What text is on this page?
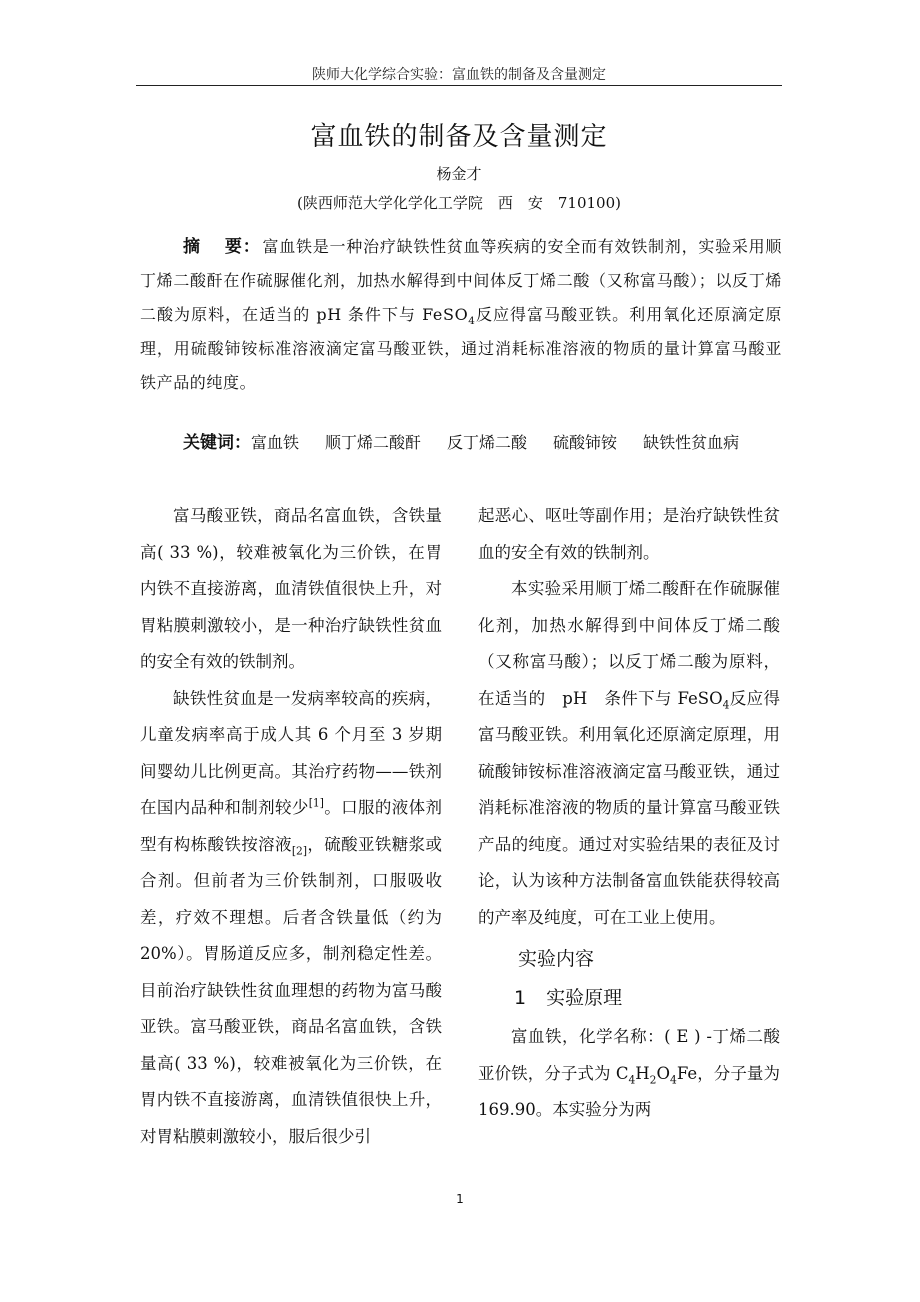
陕师大化学综合实验：富血铁的制备及含量测定
富血铁的制备及含量测定
杨金才
(陕西师范大学化学化工学院　西　安　710100)
摘 要： 富血铁是一种治疗缺铁性贫血等疾病的安全而有效铁制剂，实验采用顺丁烯二酸酐在作硫脲催化剂，加热水解得到中间体反丁烯二酸（又称富马酸）；以反丁烯二酸为原料，在适当的 pH 条件下与 FeSO$_4$反应得富马酸亚铁。利用氧化还原滴定原理，用硫酸铈铵标准溶液滴定富马酸亚铁，通过消耗标准溶液的物质的量计算富马酸亚铁产品的纯度。
关键词：富血铁 顺丁烯二酸酐 反丁烯二酸 硫酸铈铵 缺铁性贫血病

富马酸亚铁，商品名富血铁，含铁量高( 33 %)，较难被氧化为三价铁，在胃内铁不直接游离，血清铁值很快上升，对胃粘膜刺激较小，是一种治疗缺铁性贫血的安全有效的铁制剂。

缺铁性贫血是一发病率较高的疾病，儿童发病率高于成人其 6 个月至 3 岁期　间婴幼儿比例更高。其治疗药物——铁剂在国内品种和制剂较少[1]。口服的液体剂型有构栋酸铁按溶液$_{[2]}$，硫酸亚铁糖浆或合剂。但前者为三价铁制剂，口服吸收差，疗效不理想。后者含铁量低（约为 20%）。胃肠道反应多，制剂稳定性差。目前治疗缺铁性贫血理想的药物为富马酸亚铁。富马酸亚铁，商品名富血铁，含铁量高( 33 %)，较难被氧化为三价铁，在胃内铁不直接游离，血清铁值很快上升，对胃粘膜刺激较小，服后很少引

起恶心、呕吐等副作用；是治疗缺铁性贫血的安全有效的铁制剂。

本实验采用顺丁烯二酸酐在作硫脲催化剂，加热水解得到中间体反丁烯二酸（又称富马酸）；以反丁烯二酸为原料，在适当的　pH　条件下与 FeSO$_4$反应得富马酸亚铁。利用氧化还原滴定原理，用硫酸铈铵标准溶液滴定富马酸亚铁，通过消耗标准溶液的物质的量计算富马酸亚铁产品的纯度。通过对实验结果的表征及讨论，认为该种方法制备富血铁能获得较高的产率及纯度，可在工业上使用。

实验内容
1 实验原理

富血铁，化学名称：( E ) -丁烯二酸亚价铁，分子式为 $C_4H_2O_4Fe$，分子量为 169.90。本实验分为两

1
